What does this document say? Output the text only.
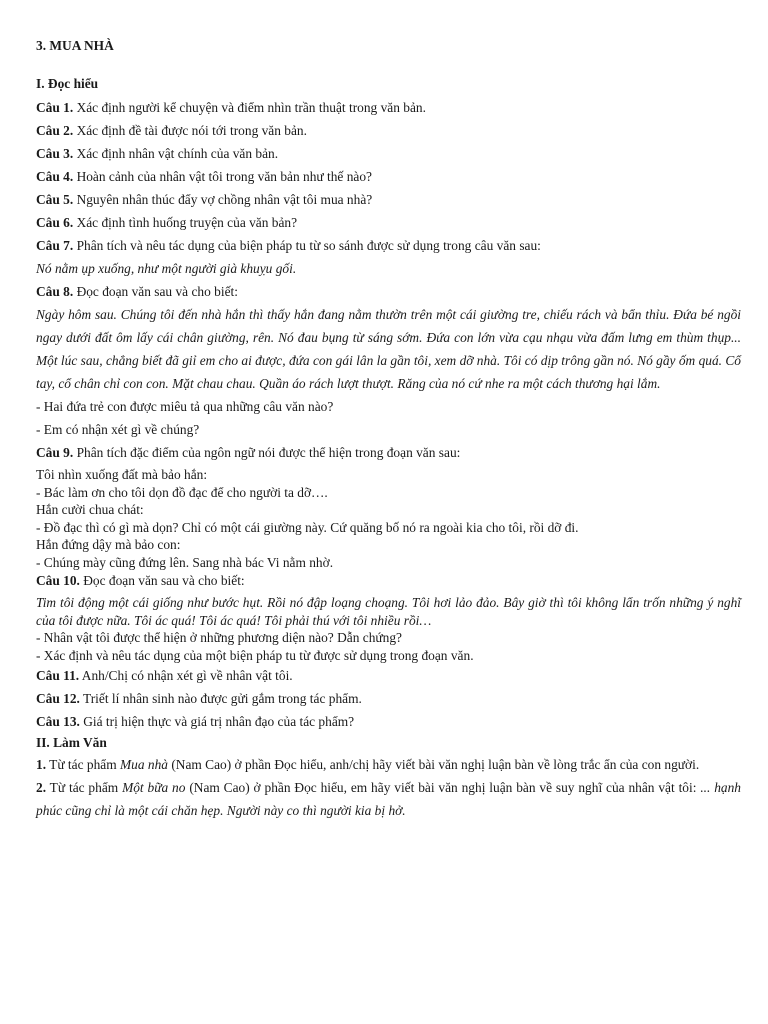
3. MUA NHÀ

I. Đọc hiểu

Câu 1. Xác định người kể chuyện và điểm nhìn trần thuật trong văn bản.

Câu 2. Xác định đề tài được nói tới trong văn bản.

Câu 3. Xác định nhân vật chính của văn bản.

Câu 4. Hoàn cảnh của nhân vật tôi trong văn bản như thế nào?

Câu 5. Nguyên nhân thúc đẩy vợ chồng nhân vật tôi mua nhà?

Câu 6. Xác định tình huống truyện của văn bản?

Câu 7. Phân tích và nêu tác dụng của biện pháp tu từ so sánh được sử dụng trong câu văn sau:

Nó nằm ụp xuống, như một người già khuỵu gối.

Câu 8. Đọc đoạn văn sau và cho biết:

Ngày hôm sau. Chúng tôi đến nhà hắn thì thấy hắn đang nằm thườn trên một cái giường tre, chiếu rách và bẩn thỉu. Đứa bé ngồi ngay dưới đất ôm lấy cái chân giường, rên. Nó đau bụng từ sáng sớm. Đứa con lớn vừa cạu nhạu vừa đấm lưng em thùm thụp... Một lúc sau, chẳng biết đã giỉ em cho ai được, đứa con gái lân la gần tôi, xem dỡ nhà. Tôi có dịp trông gần nó. Nó gầy ốm quá. Cổ tay, cổ chân chỉ con con. Mặt chau chau. Quần áo rách lượt thượt. Răng của nó cứ nhe ra một cách thương hại lắm.

- Hai đứa trẻ con được miêu tả qua những câu văn nào?

- Em có nhận xét gì về chúng?

Câu 9. Phân tích đặc điểm của ngôn ngữ nói được thể hiện trong đoạn văn sau:

Tôi nhìn xuống đất mà bảo hắn:

- Bác làm ơn cho tôi dọn đồ đạc để cho người ta dỡ….

Hắn cười chua chát:

- Đồ đạc thì có gì mà dọn? Chỉ có một cái giường này. Cứ quăng bố nó ra ngoài kia cho tôi, rồi dỡ đi.

Hắn đứng dậy mà bảo con:

- Chúng mày cũng đứng lên. Sang nhà bác Vi nằm nhờ.

Câu 10. Đọc đoạn văn sau và cho biết:

Tim tôi động một cái giống như bước hụt. Rồi nó đập loạng choạng. Tôi hơi lảo đảo. Bây giờ thì tôi không lẩn trốn những ý nghĩ của tôi được nữa. Tôi ác quá! Tôi ác quá! Tôi phải thú với tôi nhiều rồi…

- Nhân vật tôi được thể hiện ở những phương diện nào? Dẫn chứng?

- Xác định và nêu tác dụng của một biện pháp tu từ được sử dụng trong đoạn văn.

Câu 11. Anh/Chị có nhận xét gì về nhân vật tôi.

Câu 12. Triết lí nhân sinh nào được gửi gắm trong tác phẩm.

Câu 13. Giá trị hiện thực và giá trị nhân đạo của tác phẩm?

II. Làm Văn

1. Từ tác phẩm Mua nhà (Nam Cao) ở phần Đọc hiểu, anh/chị hãy viết bài văn nghị luận bàn về lòng trắc ẩn của con người.

2. Từ tác phẩm Một bữa no (Nam Cao) ở phần Đọc hiểu, em hãy viết bài văn nghị luận bàn về suy nghĩ của nhân vật tôi: ... hạnh phúc cũng chỉ là một cái chăn hẹp. Người này co thì người kia bị hở.
